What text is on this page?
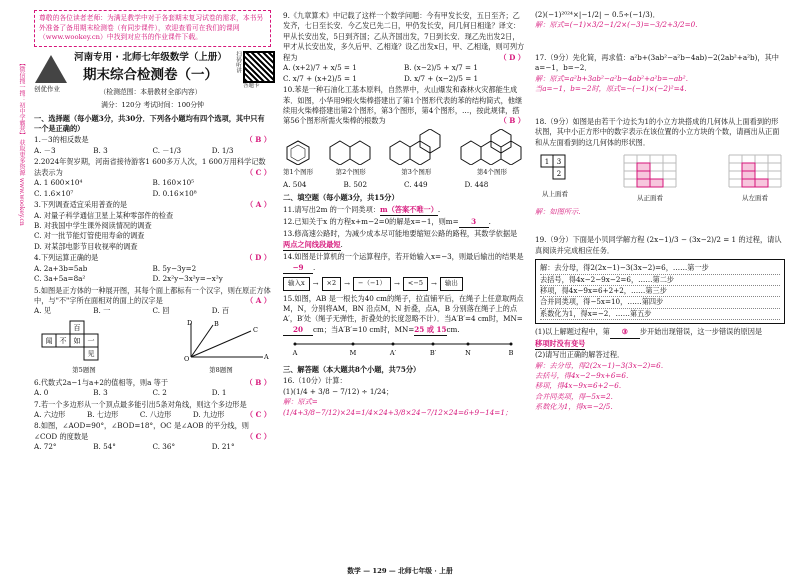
【微信搜一搜：初中学霸营】 获取更多资源 www.wookey.cn
尊敬的各位读者老师：为满足教学中对于各套期末复习试卷的需求，本书另外准备了备用期末检测卷（有同步课件），欢迎查看可在我们的课网（www.wookey.cn）中找到对应书的作业课件下载。
创优作业
河南专用 · 北师七年级数学（上册）
期末综合检测卷（一）
（检测范围：本册教材全部内容）
扫码听讲
答题卡
满分：120分 考试时间：100分钟
一、选择题（每小题3分，共30分．下列各小题均有四个选项，其中只有一个是正确的）
（ B ）
1.－3的相反数是
A. －3	B. 3	C. －1/3	D. 1/3
2.2024年贺岁期，河南省接待游客1 600多万人次，1 600万用科学记数法表示为	（ C ）
A. 1 600×10⁴	B. 160×10⁵
C. 1.6×10⁷	D. 0.16×10⁸
（ A ）
3.下列调查适宜采用普查的是
A. 对量子科学通信卫星上某种零部件的检查
B. 对我国中学生课外阅读情况的调查
C. 对一批节能灯管使用寿命的调查
D. 对某部电影节目收视率的调查
（ D ）
4.下列运算正确的是
A. 2a+3b=5ab	B. 5y−3y=2
C. 3a+5a=8a²	D. 2x²y−3x²y=−x²y
5.如图是正方体的一种展开图，其每个面上都标有一个汉字，则在原正方体中，与"不"字所在面相对的面上的汉字是	（ A ）
A. 见	B. 一	C. 回	D. 百
百
闻 不 如 一
见
第5题图
O	A
D	B
C
第8题图
（ B ）
6.代数式2a−1与a+2的值相等，则a 等于
A. 0	B. 3	C. 2	D. 1
7.若一个多边形从一个顶点最多能引出5条对角线，则这个多边形是
（ C ）
A. 六边形	B. 七边形	C. 八边形	D. 九边形
8.如图，∠AOD=90°，∠BOD=18°，OC 是∠AOB 的平分线，则∠COD 的度数是	（ C ）
A. 72°	B. 54°	C. 36°	D. 21°
9.《九章算术》中记载了这样一个数学问题：今有甲发长安，五日至齐；乙发齐，七日至长安．今乙发已先二日，甲仍发长安，问几何日相逢？译文：甲从长安出发，5日到齐国；乙从齐国出发，7日到长安．现乙先出发2日，甲才从长安出发，多久后甲、乙相逢？设乙出发x日，甲、乙相逢，则可列方程为	（ D ）
A. (x+2)/7 + x/5 = 1	B. (x−2)/5 + x/7 = 1
C. x/7 + (x+2)/5 = 1	D. x/7 + (x−2)/5 = 1
10.苯是一种石油化工基本原料，自然界中，火山爆发和森林火灾都能生成苯．如图，小华用9根火柴棒搭建出了第1个图形代表的苯的结构简式，他继续用火柴棒搭建出第2个图形，第3个图形，第4个图形，…，按此规律，搭第56个图形所需火柴棒的根数为	（ B ）
第1个图形	第2个图形	第3个图形	第4个图形
A. 504	B. 502	C. 449	D. 448
二、填空题（每小题3分，共15分）
11.请写出2m 的一个同类项：m（答案不唯一）.
12.已知关于x 的方程x+m−2=0的解是x=−1，则m= 3 .
13.修高速公路时，为减少成本尽可能地要缩短公路的路程，其数学依据是两点之间线段最短.
14.如图是计算机的一个运算程序，若开始输入x=−3，则最后输出的结果是−9 .
输入x	→	×2	→	−（−1）	→	<−5	→	输出
15.如图，AB 是一根长为40 cm的绳子，拉直铺平后，在绳子上任意取两点M，N，分别将AM，BN 沿点M，N 折叠，点A，B 分别落在绳子上的点A′，B′处（绳子无弹性，折叠处的长度忽略不计）．当A′B′=4 cm时，MN=20 cm；当A′B′=10 cm时，MN=25 或 15cm.
A	M	A′	B′	N	B
三、解答题（本大题共8个小题，共75分）
16.（10分）计算：
(1)(1/4 + 3/8 − 7/12) ÷ 1/24；
解：原式=(1/4+3/8−7/12)×24=1/4×24+3/8×24−7/12×24=6+9−14=1；
(2)(−1)²⁰²⁴×|−1/2| − 0.5÷(−1/3)．
解：原式=(−1)×3/2−1/2×(−3)=−3/2+3/2=0．
17.（9分）先化简，再求值：a²b+(3ab²−a²b−4ab)−2(2ab²+a²b)，其中a=−1，b=−2．
解：原式=a²b+3ab²−a²b−4ab²+a²b=−ab²．
当a=−1，b=−2时，原式=−(−1)×(−2)²=4．
18.（9分）如图是由若干个边长为1的小立方块搭成的几何体从上面看到的形状图，其中小正方形中的数字表示在该位置的小立方块的个数，请画出从正面和从左面看到的这几何体的形状图．
1 3
2
从上面看	从正面看	从左面看
解：如图所示．
19.（9分）下面是小贝同学解方程 (2x−1)/3 − (3x−2)/2 = 1 的过程，请认真阅读并完成相应任务．
解：去分母，得2(2x−1)−3(3x−2)=6，……第一步
去括号，得4x−2−9x−2=6，……第二步
移项，得4x−9x=6+2+2，……第三步
合并同类项，得−5x=10，……第四步
系数化为1，得x=−2．……第五步
(1)以上解题过程中，第 ③ 步开始出现错误，这一步错误的原因是移项时没有变号
(2)请写出正确的解答过程．
解：去分母，得2(2x−1)−3(3x−2)=6．
去括号，得4x−2−9x+6=6．
移项，得4x−9x=6+2−6．
合并同类项，得−5x=2．
系数化为1，得x=−2/5．
数学 — 129 — 北师七年级 · 上册
